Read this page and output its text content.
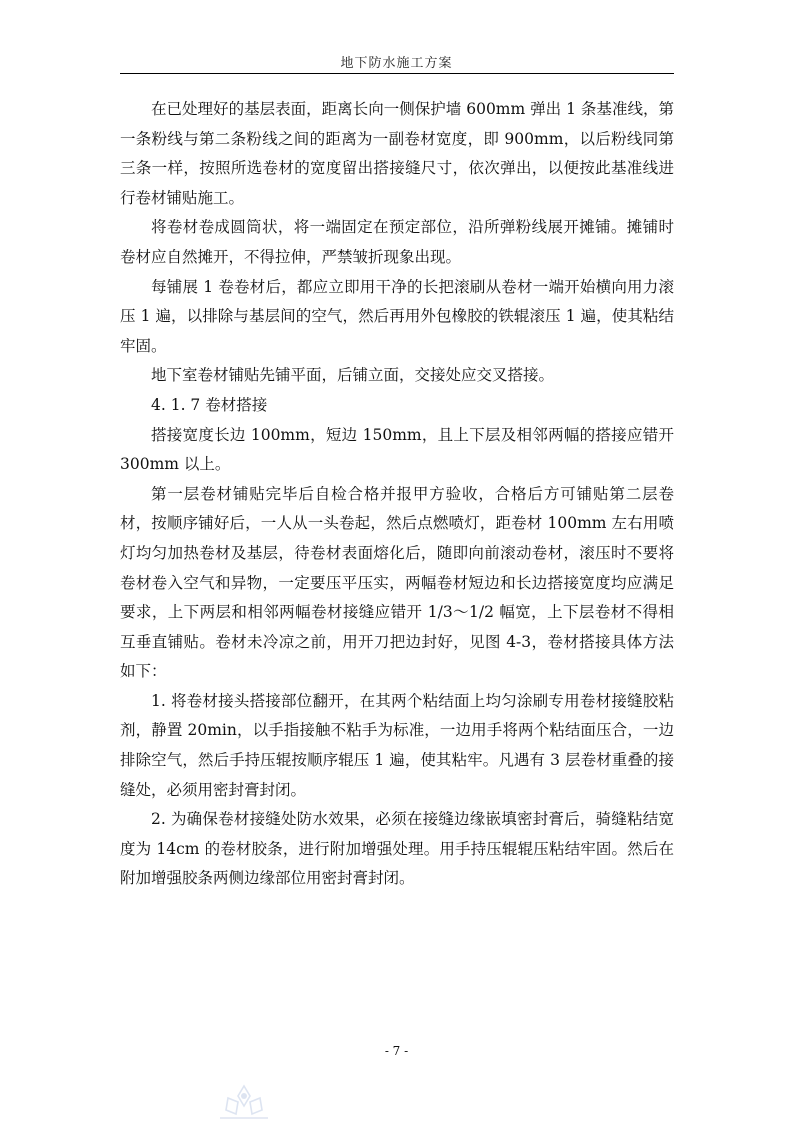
地下防水施工方案

在已处理好的基层表面，距离长向一侧保护墙 600mm 弹出 1 条基准线，第一条粉线与第二条粉线之间的距离为一副卷材宽度，即 900mm，以后粉线同第三条一样，按照所选卷材的宽度留出搭接缝尺寸，依次弹出，以便按此基准线进行卷材铺贴施工。

将卷材卷成圆筒状，将一端固定在预定部位，沿所弹粉线展开摊铺。摊铺时卷材应自然摊开，不得拉伸，严禁皱折现象出现。

每铺展 1 卷卷材后，都应立即用干净的长把滚刷从卷材一端开始横向用力滚压 1 遍，以排除与基层间的空气，然后再用外包橡胶的铁辊滚压 1 遍，使其粘结牢固。

地下室卷材铺贴先铺平面，后铺立面，交接处应交叉搭接。

4. 1. 7 卷材搭接

搭接宽度长边 100mm，短边 150mm，且上下层及相邻两幅的搭接应错开 300mm 以上。

第一层卷材铺贴完毕后自检合格并报甲方验收，合格后方可铺贴第二层卷材，按顺序铺好后，一人从一头卷起，然后点燃喷灯，距卷材 100mm 左右用喷灯均匀加热卷材及基层，待卷材表面熔化后，随即向前滚动卷材，滚压时不要将卷材卷入空气和异物，一定要压平压实，两幅卷材短边和长边搭接宽度均应满足要求，上下两层和相邻两幅卷材接缝应错开 1/3～1/2 幅宽，上下层卷材不得相互垂直铺贴。卷材未冷凉之前，用开刀把边封好，见图 4-3，卷材搭接具体方法如下：

1. 将卷材接头搭接部位翻开，在其两个粘结面上均匀涂刷专用卷材接缝胶粘剂，静置 20min，以手指接触不粘手为标准，一边用手将两个粘结面压合，一边排除空气，然后手持压辊按顺序辊压 1 遍，使其粘牢。凡遇有 3 层卷材重叠的接缝处，必须用密封膏封闭。

2. 为确保卷材接缝处防水效果，必须在接缝边缘嵌填密封膏后，骑缝粘结宽度为 14cm 的卷材胶条，进行附加增强处理。用手持压辊辊压粘结牢固。然后在附加增强胶条两侧边缘部位用密封膏封闭。

- 7 -
